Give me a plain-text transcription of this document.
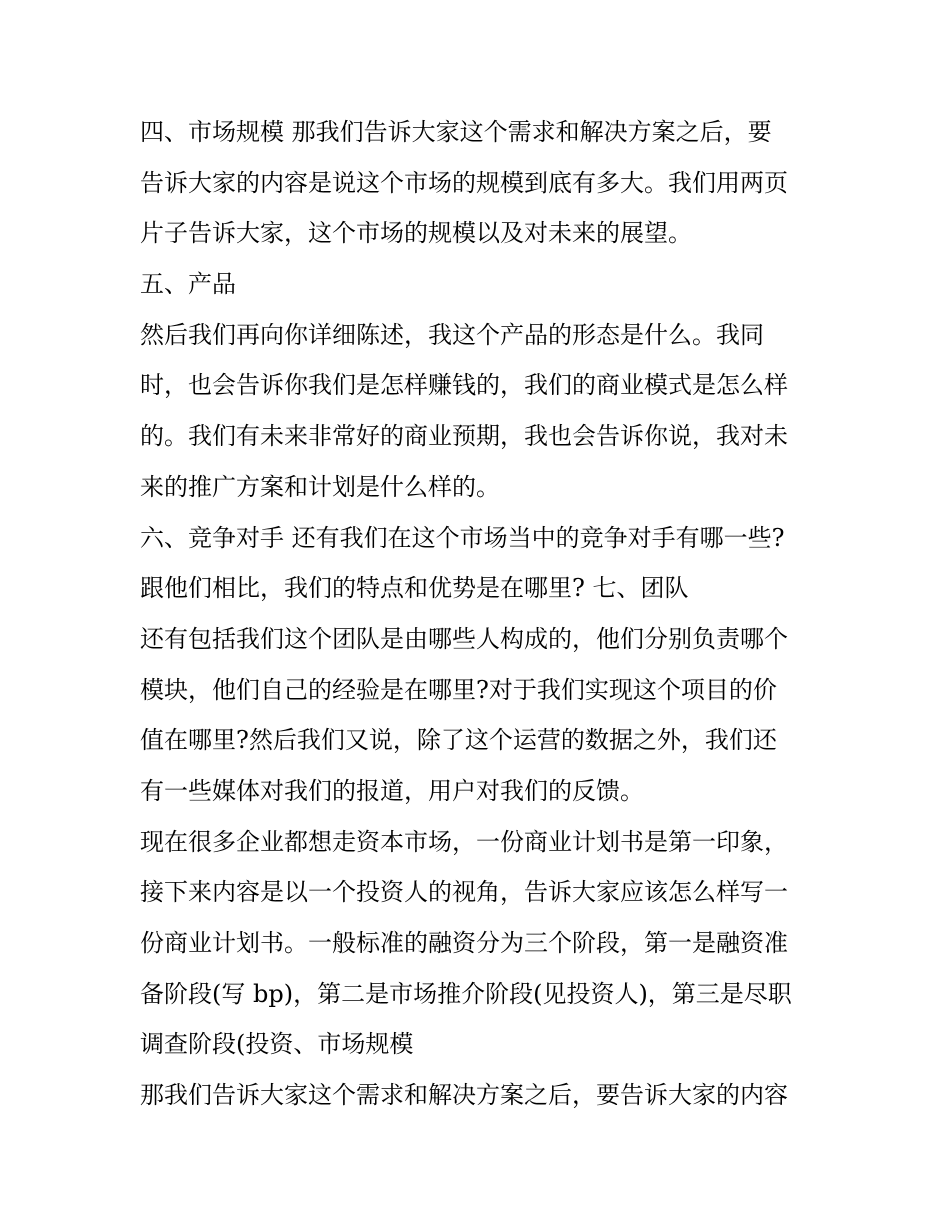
四、市场规模 那我们告诉大家这个需求和解决方案之后，要
告诉大家的内容是说这个市场的规模到底有多大。我们用两页
片子告诉大家，这个市场的规模以及对未来的展望。
五、产品
然后我们再向你详细陈述，我这个产品的形态是什么。我同
时，也会告诉你我们是怎样赚钱的，我们的商业模式是怎么样
的。我们有未来非常好的商业预期，我也会告诉你说，我对未
来的推广方案和计划是什么样的。
六、竞争对手 还有我们在这个市场当中的竞争对手有哪一些?
跟他们相比，我们的特点和优势是在哪里? 七、团队
还有包括我们这个团队是由哪些人构成的，他们分别负责哪个
模块，他们自己的经验是在哪里?对于我们实现这个项目的价
值在哪里?然后我们又说，除了这个运营的数据之外，我们还
有一些媒体对我们的报道，用户对我们的反馈。
现在很多企业都想走资本市场，一份商业计划书是第一印象，
接下来内容是以一个投资人的视角，告诉大家应该怎么样写一
份商业计划书。一般标准的融资分为三个阶段，第一是融资准
备阶段(写 bp)，第二是市场推介阶段(见投资人)，第三是尽职
调查阶段(投资、市场规模
那我们告诉大家这个需求和解决方案之后，要告诉大家的内容
